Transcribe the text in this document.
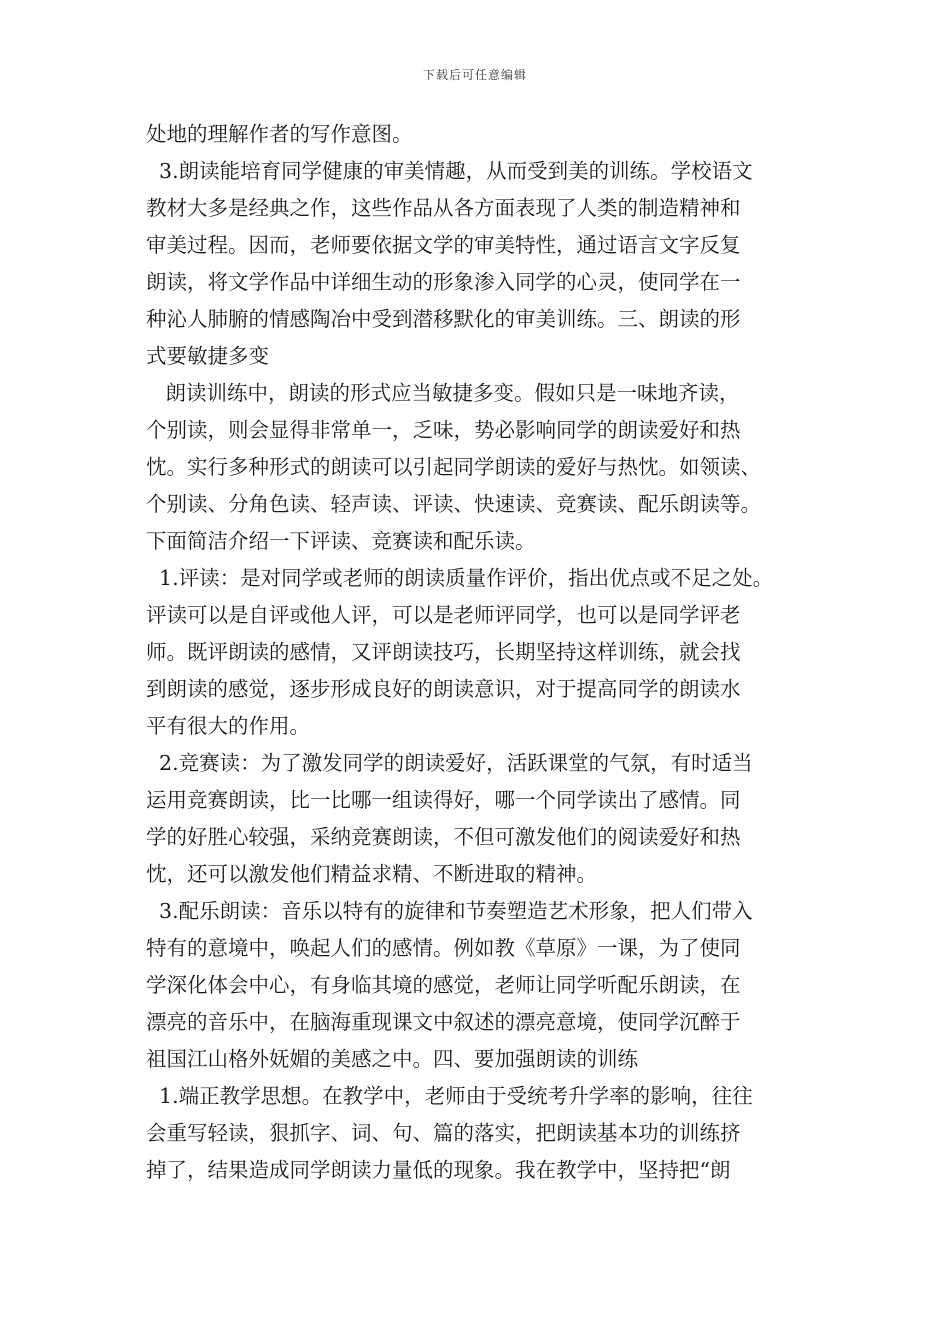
下载后可任意编辑
处地的理解作者的写作意图。
3.朗读能培育同学健康的审美情趣，从而受到美的训练。学校语文
教材大多是经典之作，这些作品从各方面表现了人类的制造精神和
审美过程。因而，老师要依据文学的审美特性，通过语言文字反复
朗读，将文学作品中详细生动的形象渗入同学的心灵，使同学在一
种沁人肺腑的情感陶冶中受到潜移默化的审美训练。三、朗读的形
式要敏捷多变
朗读训练中，朗读的形式应当敏捷多变。假如只是一味地齐读，
个别读，则会显得非常单一，乏味，势必影响同学的朗读爱好和热
忱。实行多种形式的朗读可以引起同学朗读的爱好与热忱。如领读、
个别读、分角色读、轻声读、评读、快速读、竞赛读、配乐朗读等。
下面简洁介绍一下评读、竞赛读和配乐读。
1.评读：是对同学或老师的朗读质量作评价，指出优点或不足之处。
评读可以是自评或他人评，可以是老师评同学，也可以是同学评老
师。既评朗读的感情，又评朗读技巧，长期坚持这样训练，就会找
到朗读的感觉，逐步形成良好的朗读意识，对于提高同学的朗读水
平有很大的作用。
2.竞赛读：为了激发同学的朗读爱好，活跃课堂的气氛，有时适当
运用竞赛朗读，比一比哪一组读得好，哪一个同学读出了感情。同
学的好胜心较强，采纳竞赛朗读，不但可激发他们的阅读爱好和热
忱，还可以激发他们精益求精、不断进取的精神。
3.配乐朗读：音乐以特有的旋律和节奏塑造艺术形象，把人们带入
特有的意境中，唤起人们的感情。例如教《草原》一课，为了使同
学深化体会中心，有身临其境的感觉，老师让同学听配乐朗读，在
漂亮的音乐中，在脑海重现课文中叙述的漂亮意境，使同学沉醉于
祖国江山格外妩媚的美感之中。四、要加强朗读的训练
1.端正教学思想。在教学中，老师由于受统考升学率的影响，往往
会重写轻读，狠抓字、词、句、篇的落实，把朗读基本功的训练挤
掉了，结果造成同学朗读力量低的现象。我在教学中，坚持把“朗
